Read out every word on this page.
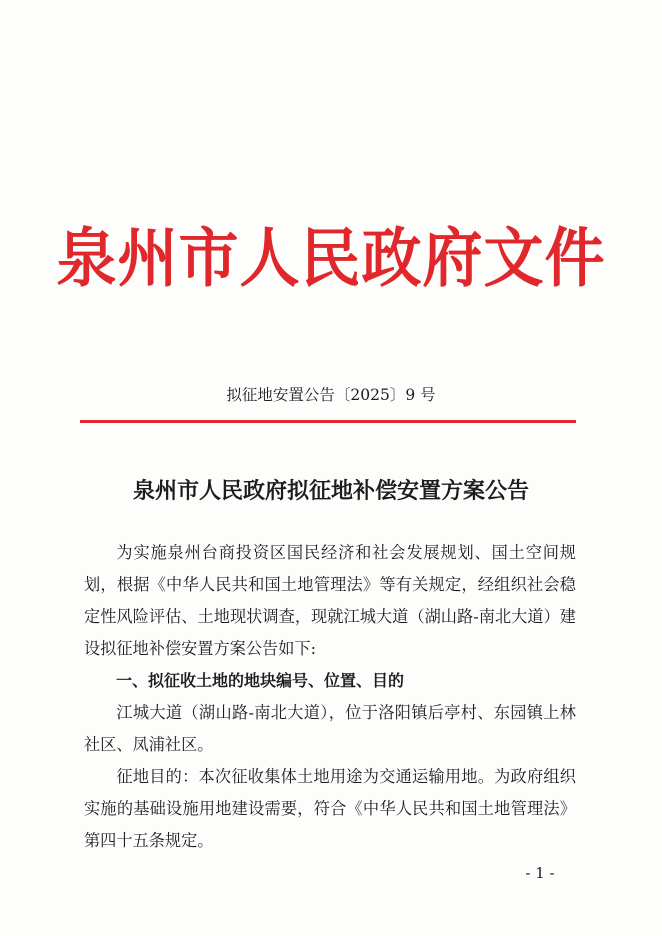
泉州市人民政府文件
拟征地安置公告〔2025〕9 号
泉州市人民政府拟征地补偿安置方案公告

为实施泉州台商投资区国民经济和社会发展规划、国土空间规划，根据《中华人民共和国土地管理法》等有关规定，经组织社会稳定性风险评估、土地现状调查，现就江城大道（湖山路-南北大道）建设拟征地补偿安置方案公告如下:

一、拟征收土地的地块编号、位置、目的

江城大道（湖山路-南北大道），位于洛阳镇后亭村、东园镇上林社区、凤浦社区。

征地目的：本次征收集体土地用途为交通运输用地。为政府组织实施的基础设施用地建设需要，符合《中华人民共和国土地管理法》第四十五条规定。

- 1 -
